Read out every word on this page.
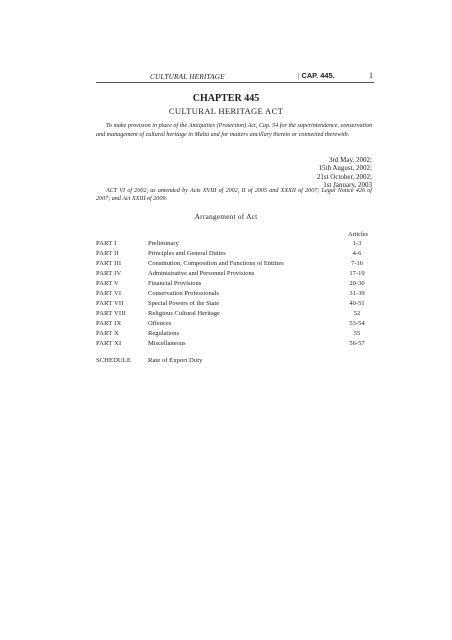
CULTURAL HERITAGE	| CAP. 445.	1
CHAPTER 445
CULTURAL HERITAGE ACT

To make provision in place of the Antiquities (Protection) Act, Cap. 54 for the superintendence, conservation and management of cultural heritage in Malta and for matters ancillary thereto or connected therewith.

3rd May, 2002;
15th August, 2002;
21st October, 2002;
1st January, 2003

ACT VI of 2002, as amended by Acts XVIII of 2002, II of 2005 and XXXII of 2007; Legal Notice 426 of 2007; and Act XXIII of 2009.

Arrangement of Act
Articles
PART I	Preliminary	1-3
PART II	Principles and General Duties	4-6
PART III	Constitution, Composition and Functions of Entities	7-16
PART IV	Administrative and Personnel Provisions	17-19
PART V	Financial Provisions	20-30
PART VI	Conservation Professionals	31-39
PART VII	Special Powers of the State	40-51
PART VIII	Religious Cultural Heritage	52
PART IX	Offences	53-54
PART X	Regulations	55
PART XI	Miscellaneous	56-57
SCHEDULE	Rate of Export Duty
